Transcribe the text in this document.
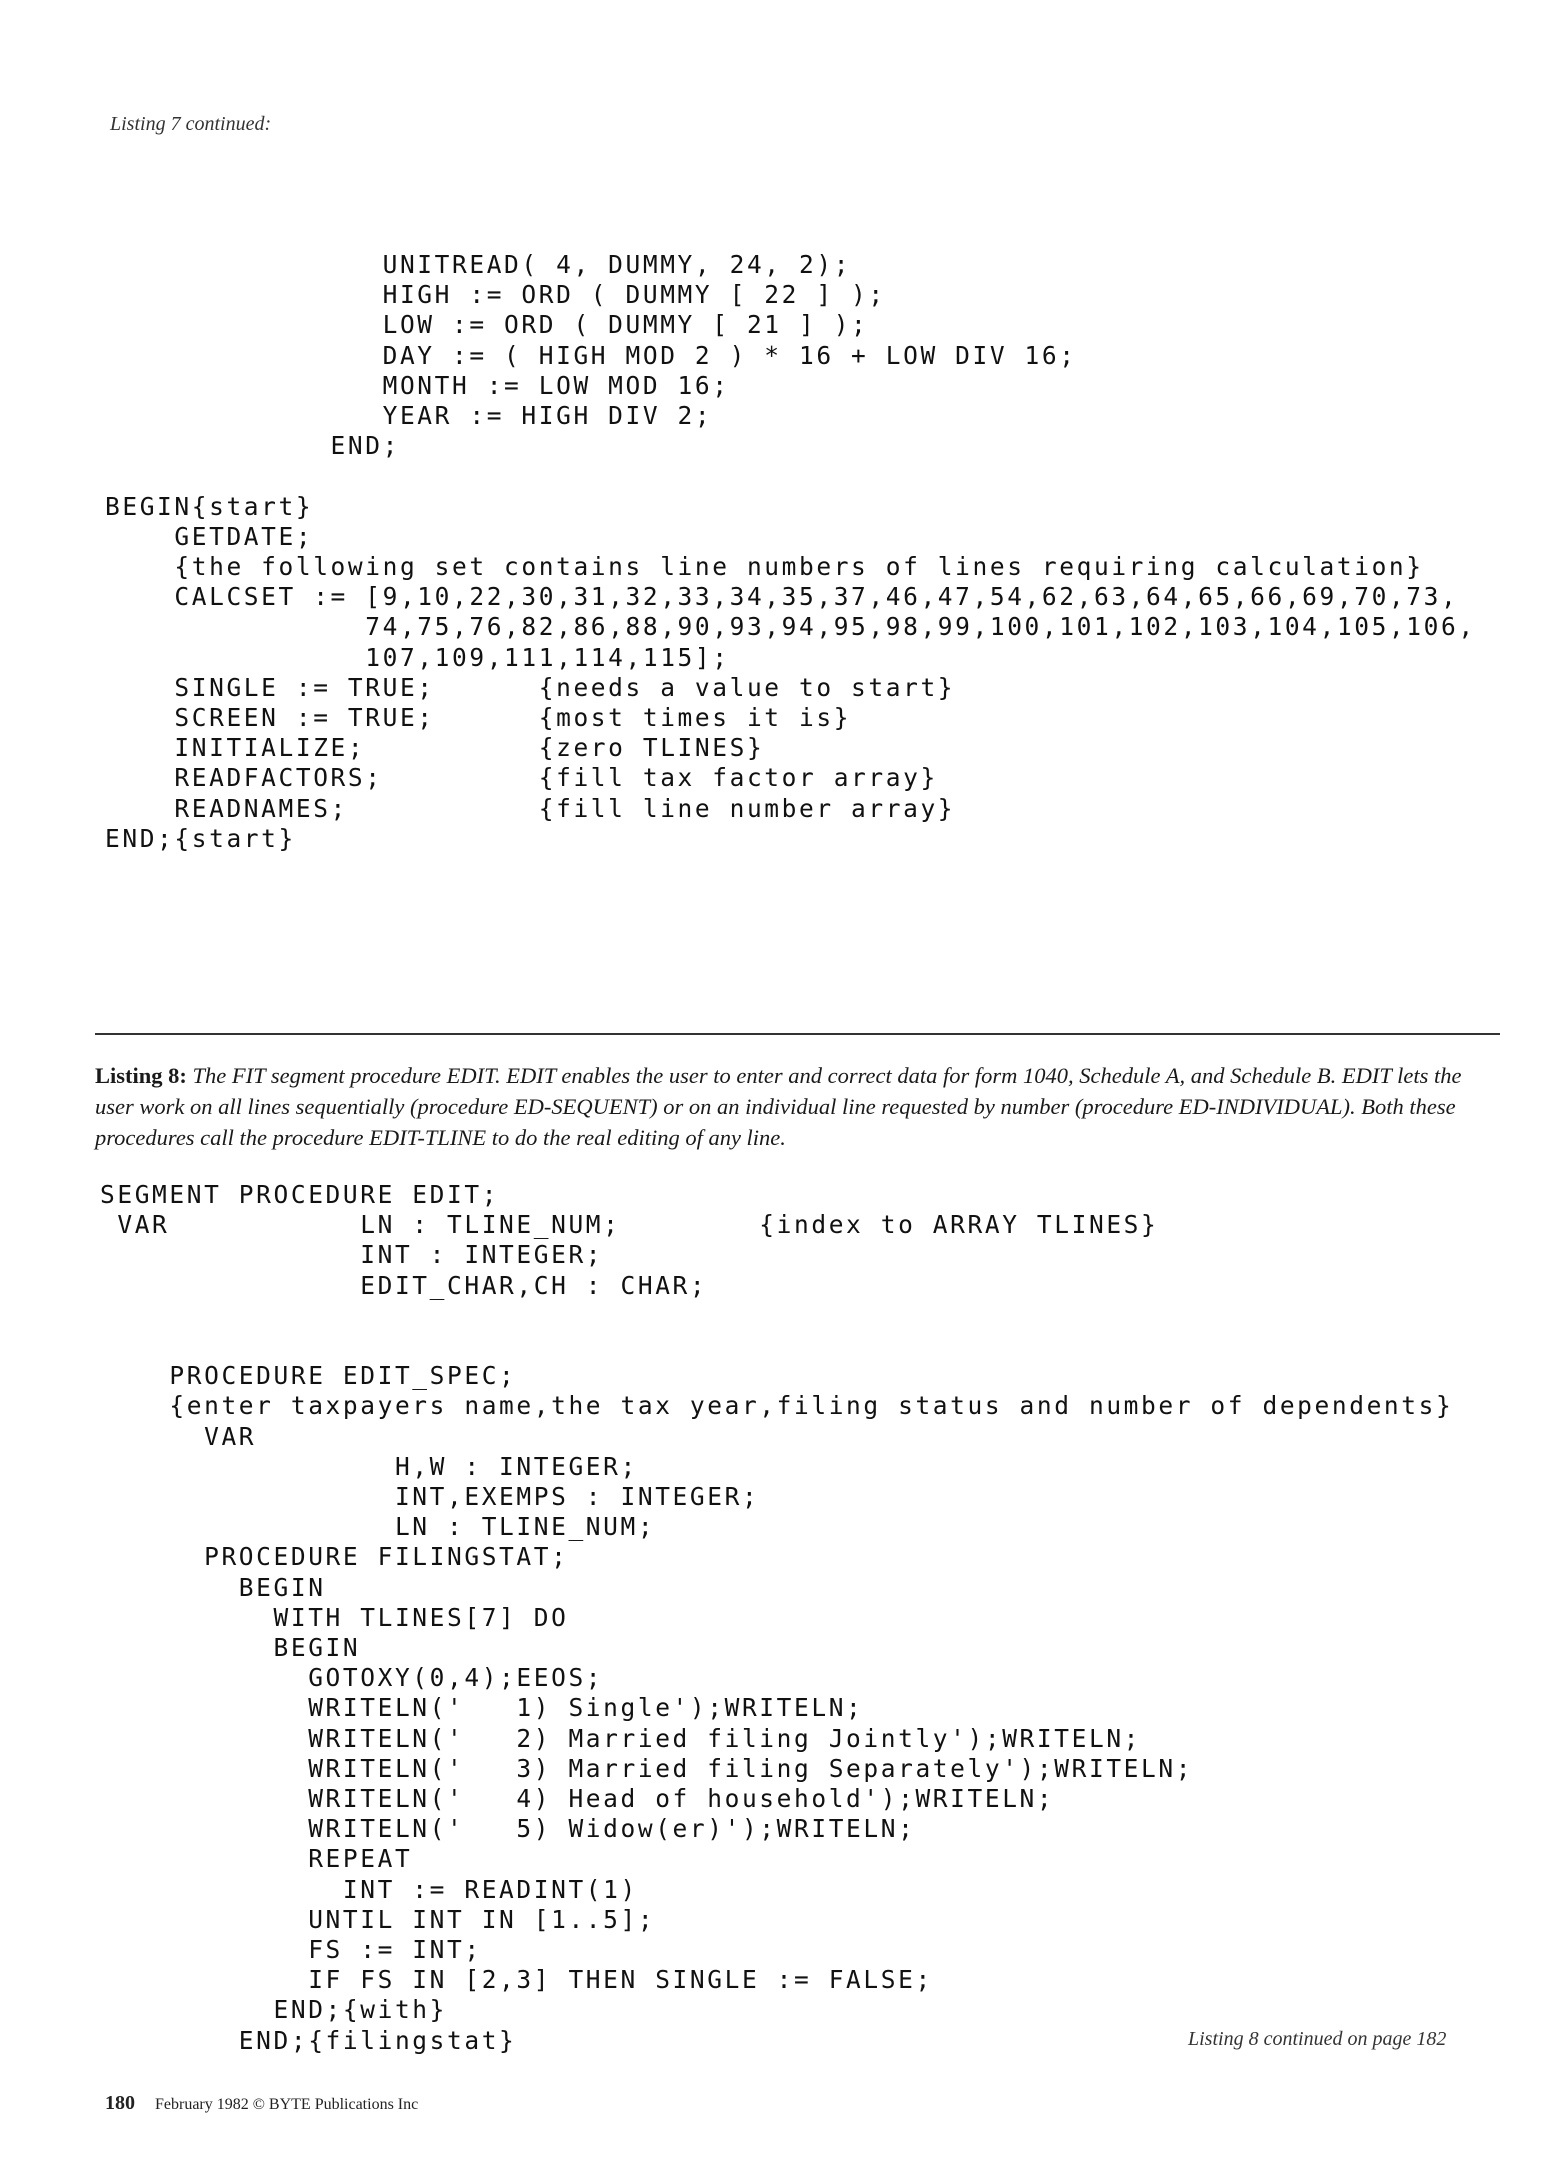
Listing 7 continued:
UNITREAD( 4, DUMMY, 24, 2);
HIGH := ORD ( DUMMY [ 22 ] );
LOW := ORD ( DUMMY [ 21 ] );
DAY := ( HIGH MOD 2 ) * 16 + LOW DIV 16;
MONTH := LOW MOD 16;
YEAR := HIGH DIV 2;
END;

BEGIN{start}
GETDATE;
{the following set contains line numbers of lines requiring calculation}
CALCSET := [9,10,22,30,31,32,33,34,35,37,46,47,54,62,63,64,65,66,69,70,73,
74,75,76,82,86,88,90,93,94,95,98,99,100,101,102,103,104,105,106,
107,109,111,114,115];
SINGLE := TRUE;      {needs a value to start}
SCREEN := TRUE;      {most times it is}
INITIALIZE;          {zero TLINES}
READFACTORS;         {fill tax factor array}
READNAMES;           {fill line number array}
END;{start}

Listing 8: The FIT segment procedure EDIT. EDIT enables the user to enter and correct data for form 1040, Schedule A, and Schedule B. EDIT lets the user work on all lines sequentially (procedure ED-SEQUENT) or on an individual line requested by number (procedure ED-INDIVIDUAL). Both these procedures call the procedure EDIT-TLINE to do the real editing of any line.

SEGMENT PROCEDURE EDIT;
VAR           LN : TLINE_NUM;        {index to ARRAY TLINES}
INT : INTEGER;
EDIT_CHAR,CH : CHAR;

PROCEDURE EDIT_SPEC;
{enter taxpayers name,the tax year,filing status and number of dependents}
VAR
H,W : INTEGER;
INT,EXEMPS : INTEGER;
LN : TLINE_NUM;
PROCEDURE FILINGSTAT;
BEGIN
WITH TLINES[7] DO
BEGIN
GOTOXY(0,4);EEOS;
WRITELN('   1) Single');WRITELN;
WRITELN('   2) Married filing Jointly');WRITELN;
WRITELN('   3) Married filing Separately');WRITELN;
WRITELN('   4) Head of household');WRITELN;
WRITELN('   5) Widow(er)');WRITELN;
REPEAT
INT := READINT(1)
UNTIL INT IN [1..5];
FS := INT;
IF FS IN [2,3] THEN SINGLE := FALSE;
END;{with}
END;{filingstat}	Listing 8 continued on page 182
180 February 1982 © BYTE Publications Inc
